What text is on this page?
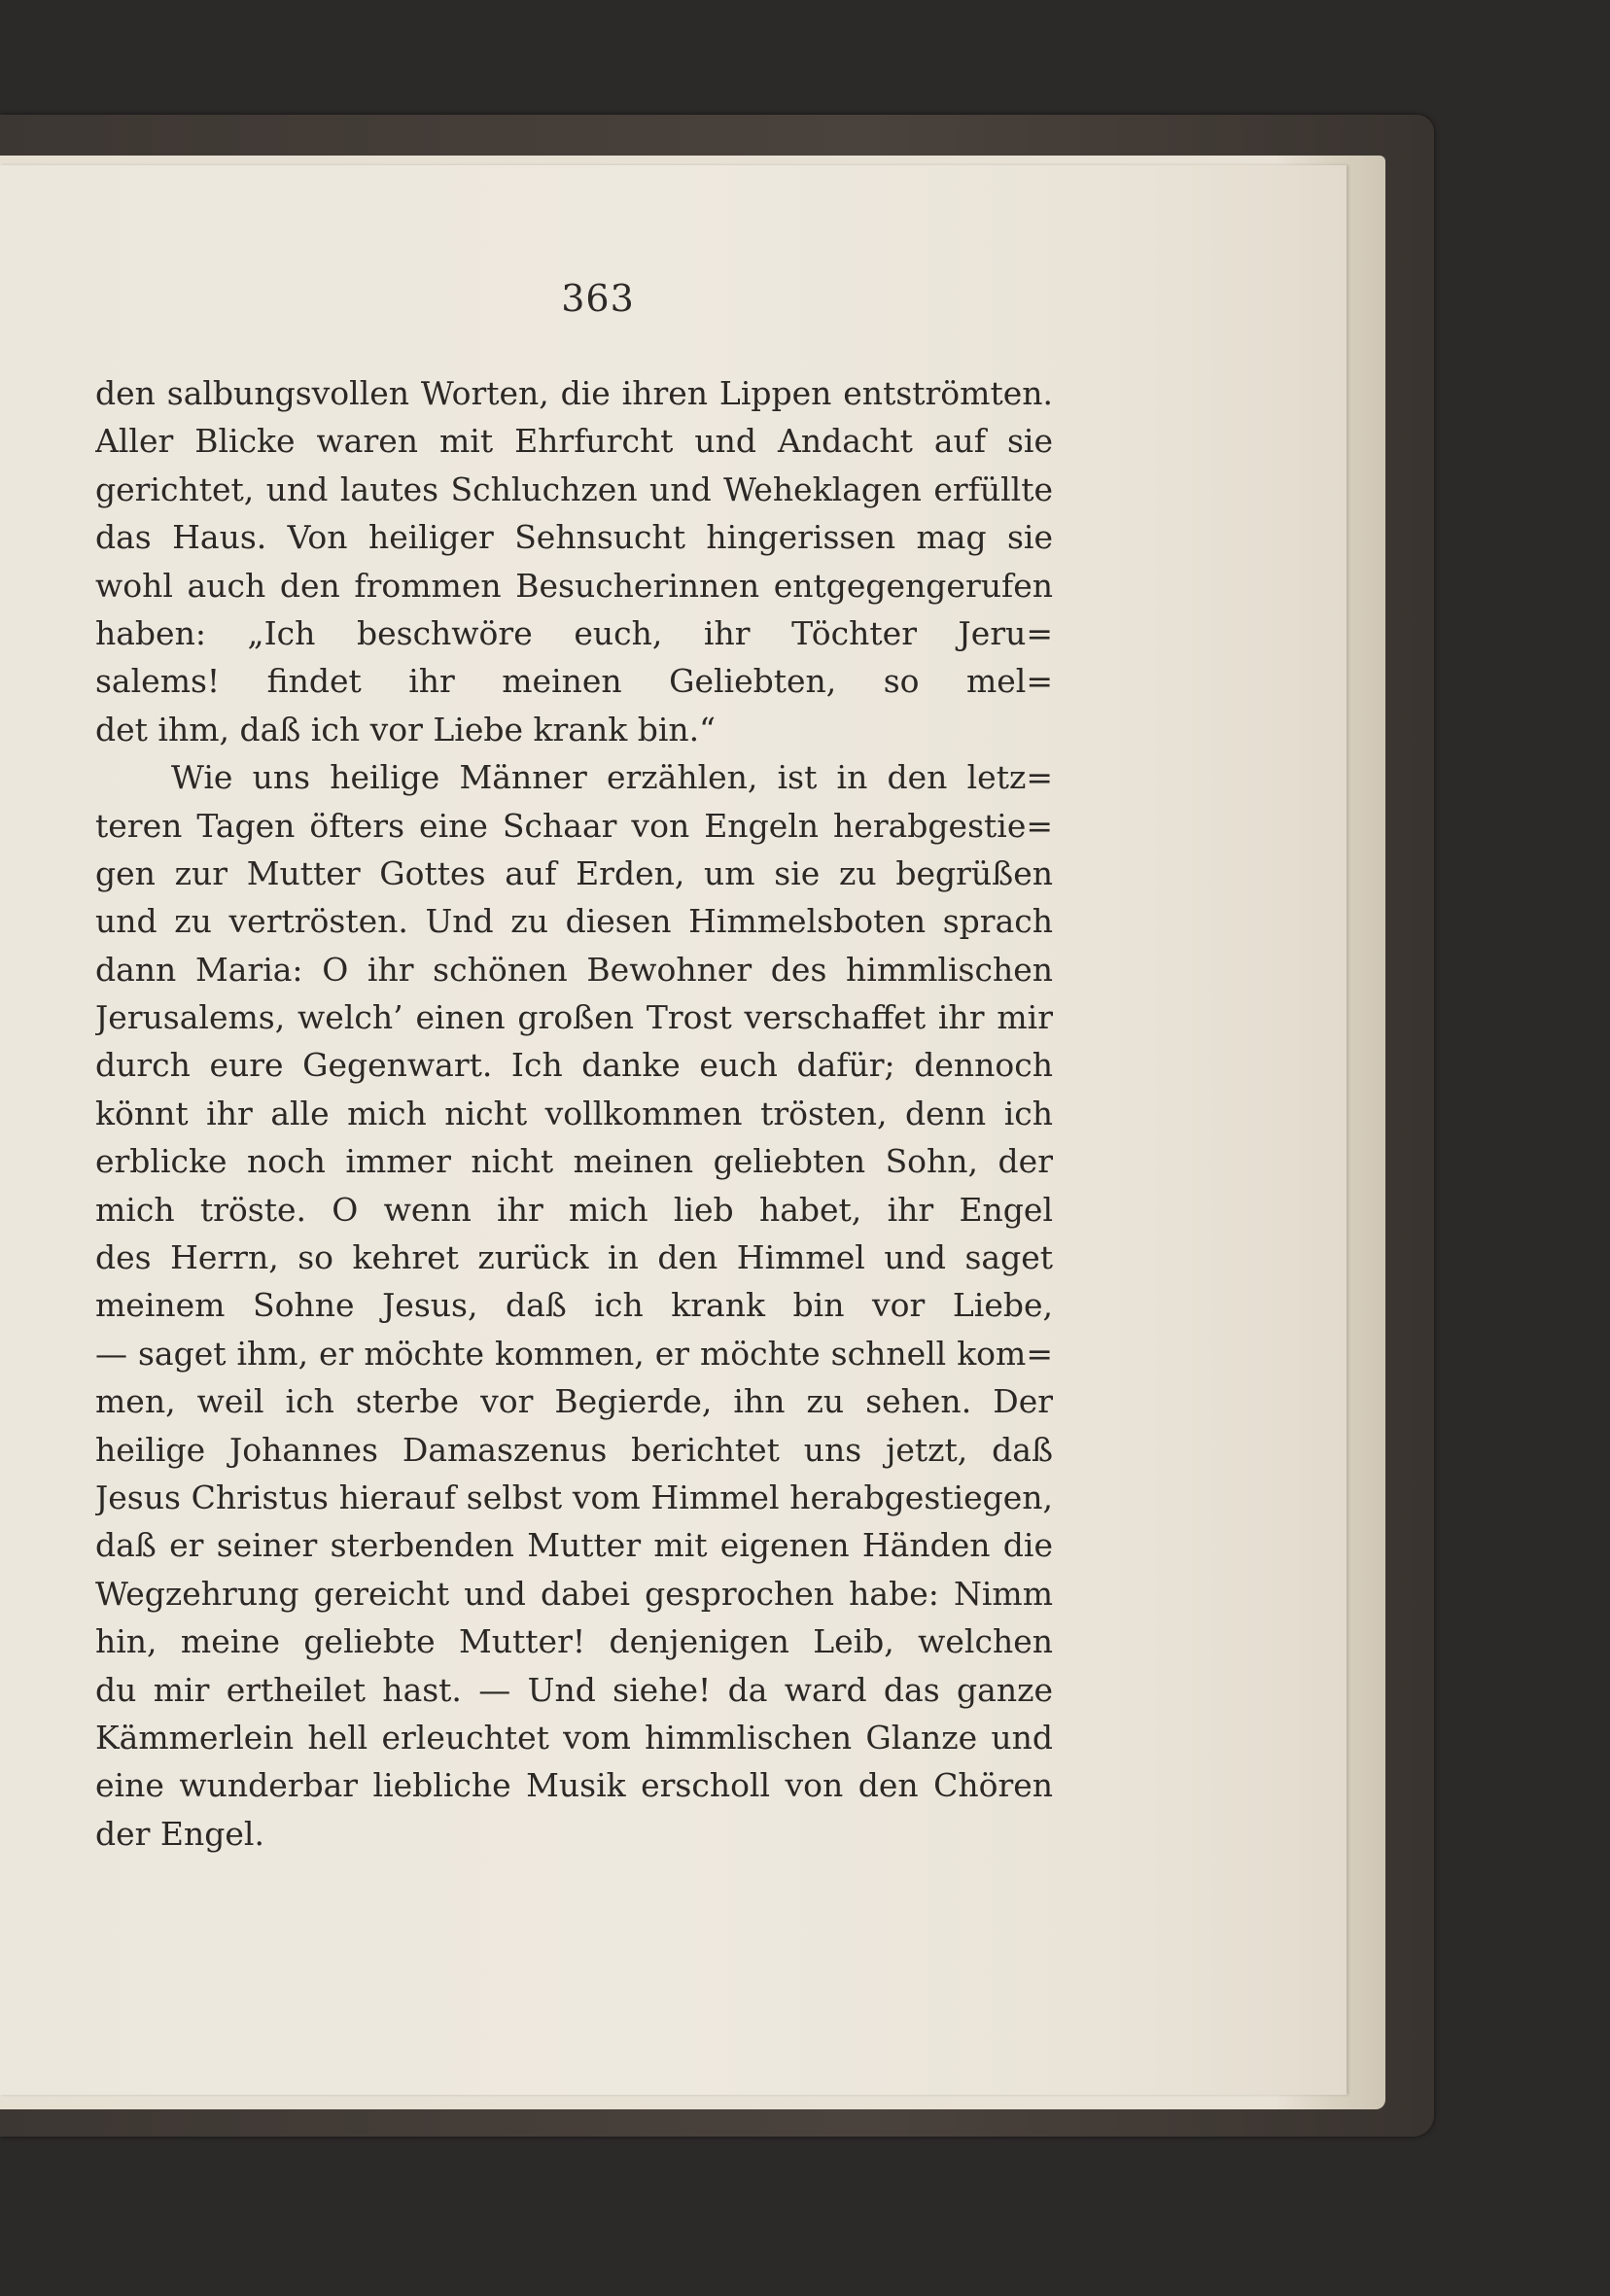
363
den salbungsvollen Worten, die ihren Lippen entströmten.
Aller Blicke waren mit Ehrfurcht und Andacht auf sie
gerichtet, und lautes Schluchzen und Weheklagen erfüllte
das Haus. Von heiliger Sehnsucht hingerissen mag sie
wohl auch den frommen Besucherinnen entgegengerufen
haben: „Ich beschwöre euch, ihr Töchter Jeru=
salems! findet ihr meinen Geliebten, so mel=
det ihm, daß ich vor Liebe krank bin.“
Wie uns heilige Männer erzählen, ist in den letz=
teren Tagen öfters eine Schaar von Engeln herabgestie=
gen zur Mutter Gottes auf Erden, um sie zu begrüßen
und zu vertrösten. Und zu diesen Himmelsboten sprach
dann Maria: O ihr schönen Bewohner des himmlischen
Jerusalems, welch’ einen großen Trost verschaffet ihr mir
durch eure Gegenwart. Ich danke euch dafür; dennoch
könnt ihr alle mich nicht vollkommen trösten, denn ich
erblicke noch immer nicht meinen geliebten Sohn, der
mich tröste. O wenn ihr mich lieb habet, ihr Engel
des Herrn, so kehret zurück in den Himmel und saget
meinem Sohne Jesus, daß ich krank bin vor Liebe,
— saget ihm, er möchte kommen, er möchte schnell kom=
men, weil ich sterbe vor Begierde, ihn zu sehen. Der
heilige Johannes Damaszenus berichtet uns jetzt, daß
Jesus Christus hierauf selbst vom Himmel herabgestiegen,
daß er seiner sterbenden Mutter mit eigenen Händen die
Wegzehrung gereicht und dabei gesprochen habe: Nimm
hin, meine geliebte Mutter! denjenigen Leib, welchen
du mir ertheilet hast. — Und siehe! da ward das ganze
Kämmerlein hell erleuchtet vom himmlischen Glanze und
eine wunderbar liebliche Musik erscholl von den Chören
der Engel.
